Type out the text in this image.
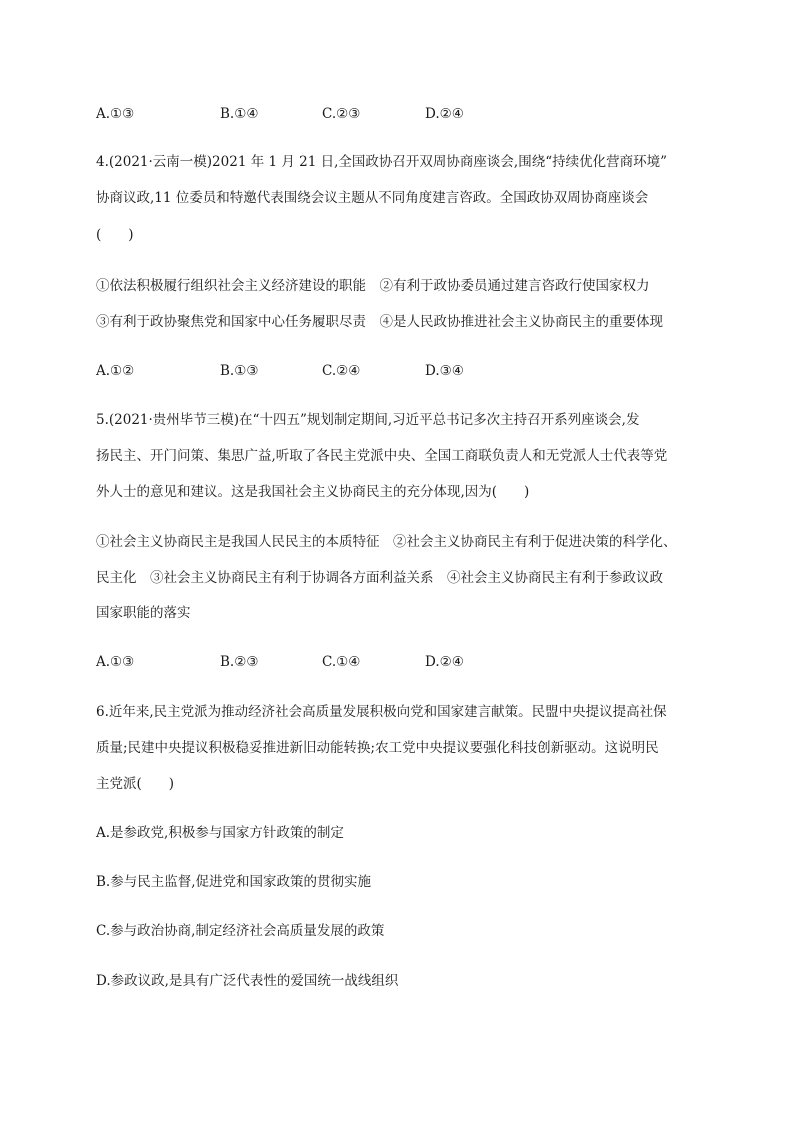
A.①③	B.①④	C.②③	D.②④
4.(2021·云南一模)2021 年 1 月 21 日,全国政协召开双周协商座谈会,围绕“持续优化营商环境”
协商议政,11 位委员和特邀代表围绕会议主题从不同角度建言咨政。全国政协双周协商座谈会
(　　)
①依法积极履行组织社会主义经济建设的职能　②有利于政协委员通过建言咨政行使国家权力
③有利于政协聚焦党和国家中心任务履职尽责　④是人民政协推进社会主义协商民主的重要体现
A.①②	B.①③	C.②④	D.③④
5.(2021·贵州毕节三模)在“十四五”规划制定期间,习近平总书记多次主持召开系列座谈会,发
扬民主、开门问策、集思广益,听取了各民主党派中央、全国工商联负责人和无党派人士代表等党
外人士的意见和建议。这是我国社会主义协商民主的充分体现,因为(　　)
①社会主义协商民主是我国人民民主的本质特征　②社会主义协商民主有利于促进决策的科学化、
民主化　③社会主义协商民主有利于协调各方面利益关系　④社会主义协商民主有利于参政议政
国家职能的落实
A.①③	B.②③	C.①④	D.②④
6.近年来,民主党派为推动经济社会高质量发展积极向党和国家建言献策。民盟中央提议提高社保
质量;民建中央提议积极稳妥推进新旧动能转换;农工党中央提议要强化科技创新驱动。这说明民
主党派(　　)
A.是参政党,积极参与国家方针政策的制定
B.参与民主监督,促进党和国家政策的贯彻实施
C.参与政治协商,制定经济社会高质量发展的政策
D.参政议政,是具有广泛代表性的爱国统一战线组织
